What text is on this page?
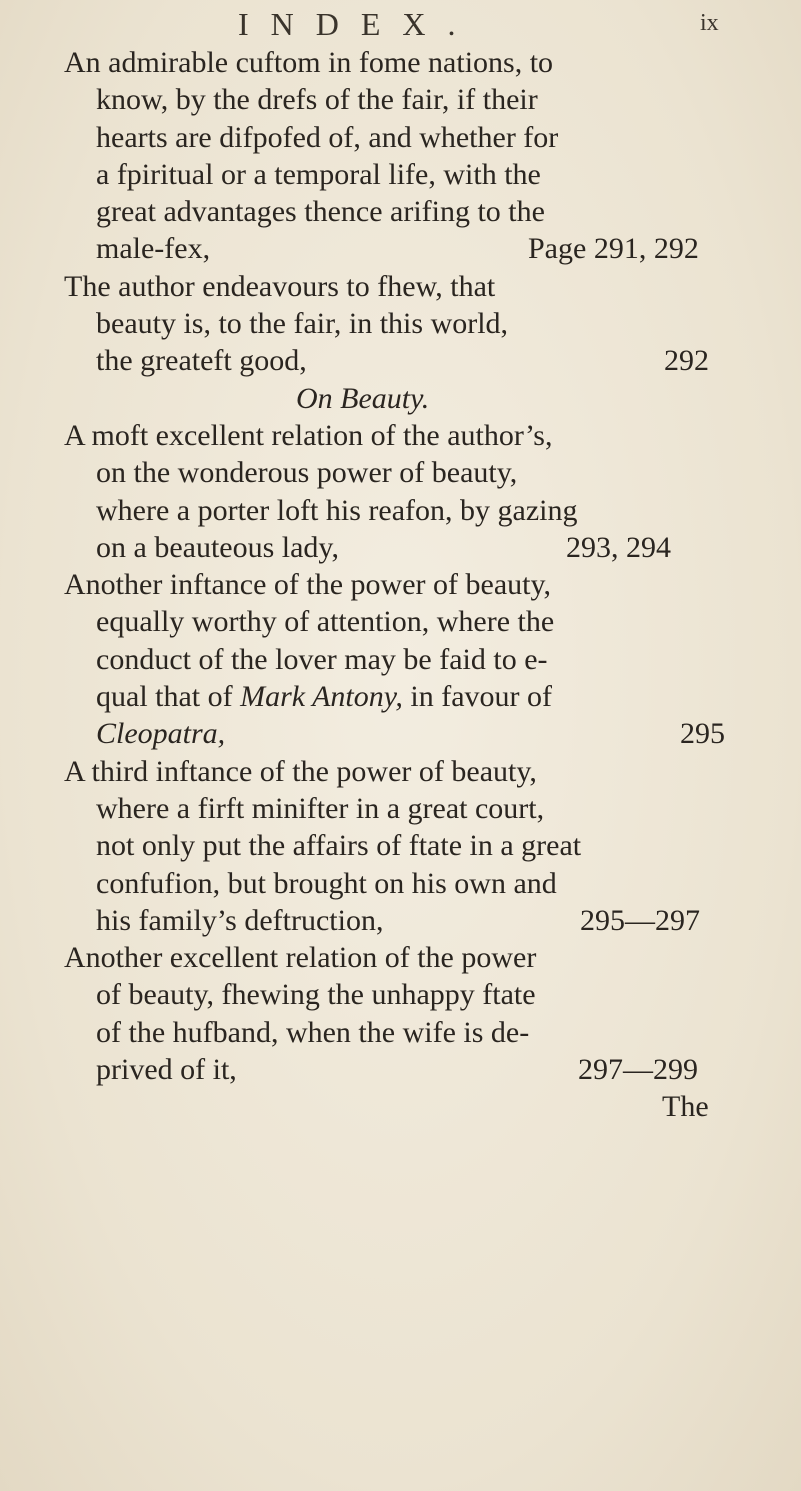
INDEX.	ix
An admirable cuftom in fome nations, to
know, by the drefs of the fair, if their
hearts are difpofed of, and whether for
a fpiritual or a temporal life, with the
great advantages thence arifing to the
male-fex,	Page 291, 292
The author endeavours to fhew, that
beauty is, to the fair, in this world,
the greateft good,	292
On Beauty.
A moft excellent relation of the author’s,
on the wonderous power of beauty,
where a porter loft his reafon, by gazing
on a beauteous lady,	293, 294
Another inftance of the power of beauty,
equally worthy of attention, where the
conduct of the lover may be faid to e-
qual that of Mark Antony, in favour of
Cleopatra,	295
A third inftance of the power of beauty,
where a firft minifter in a great court,
not only put the affairs of ftate in a great
confufion, but brought on his own and
his family’s deftruction,	295—297
Another excellent relation of the power
of beauty, fhewing the unhappy ftate
of the hufband, when the wife is de-
prived of it,	297—299
The
